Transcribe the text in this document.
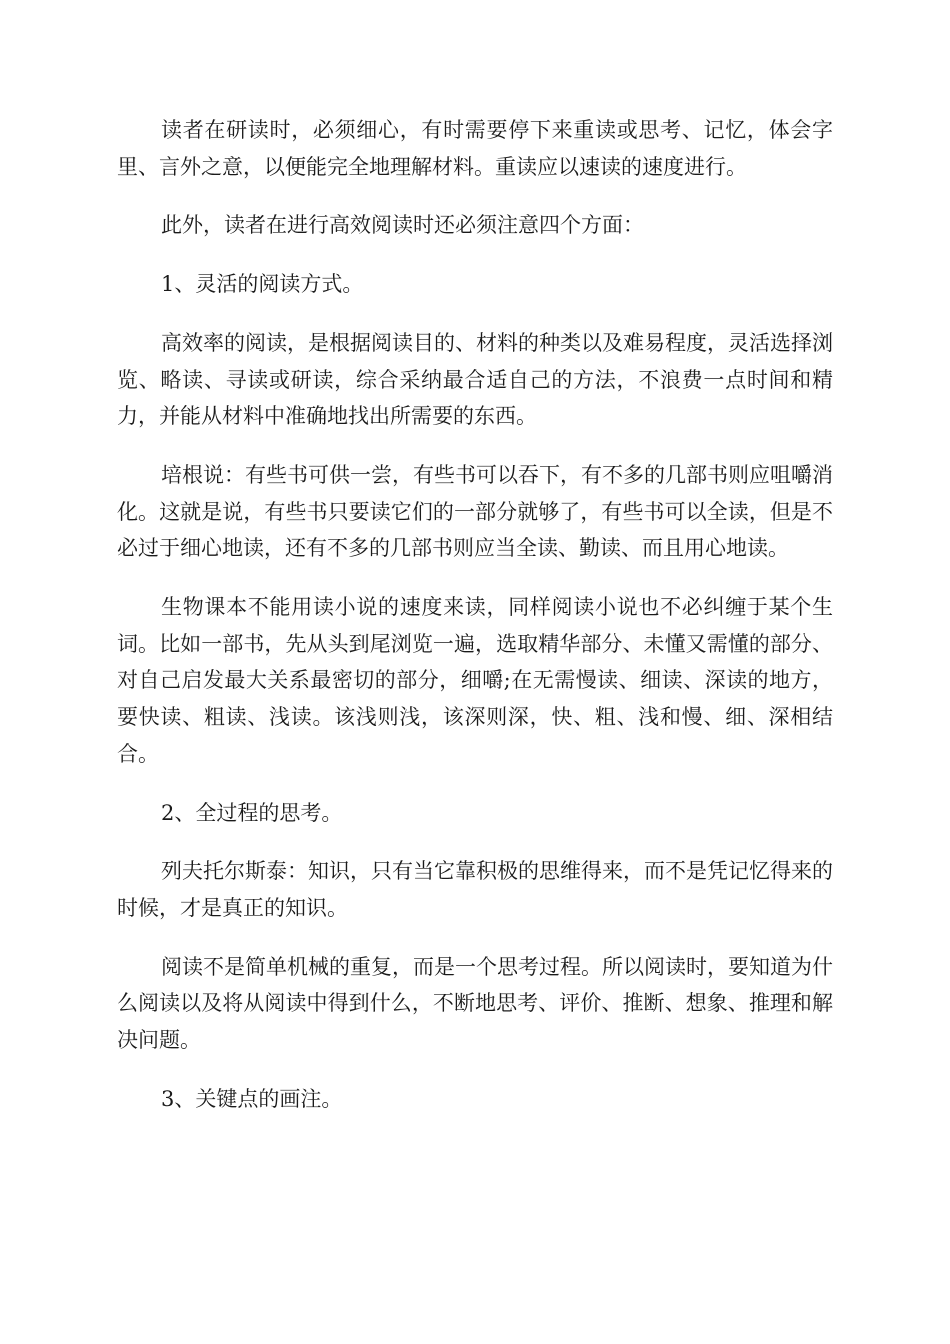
读者在研读时，必须细心，有时需要停下来重读或思考、记忆，体会字里、言外之意，以便能完全地理解材料。重读应以速读的速度进行。

此外，读者在进行高效阅读时还必须注意四个方面：

1、灵活的阅读方式。

高效率的阅读，是根据阅读目的、材料的种类以及难易程度，灵活选择浏览、略读、寻读或研读，综合采纳最合适自己的方法，不浪费一点时间和精力，并能从材料中准确地找出所需要的东西。

培根说：有些书可供一尝，有些书可以吞下，有不多的几部书则应咀嚼消化。这就是说，有些书只要读它们的一部分就够了，有些书可以全读，但是不必过于细心地读，还有不多的几部书则应当全读、勤读、而且用心地读。

生物课本不能用读小说的速度来读，同样阅读小说也不必纠缠于某个生词。比如一部书，先从头到尾浏览一遍，选取精华部分、未懂又需懂的部分、对自己启发最大关系最密切的部分，细嚼;在无需慢读、细读、深读的地方，要快读、粗读、浅读。该浅则浅，该深则深，快、粗、浅和慢、细、深相结合。

2、全过程的思考。

列夫托尔斯泰：知识，只有当它靠积极的思维得来，而不是凭记忆得来的时候，才是真正的知识。

阅读不是简单机械的重复，而是一个思考过程。所以阅读时，要知道为什么阅读以及将从阅读中得到什么，不断地思考、评价、推断、想象、推理和解决问题。

3、关键点的画注。
